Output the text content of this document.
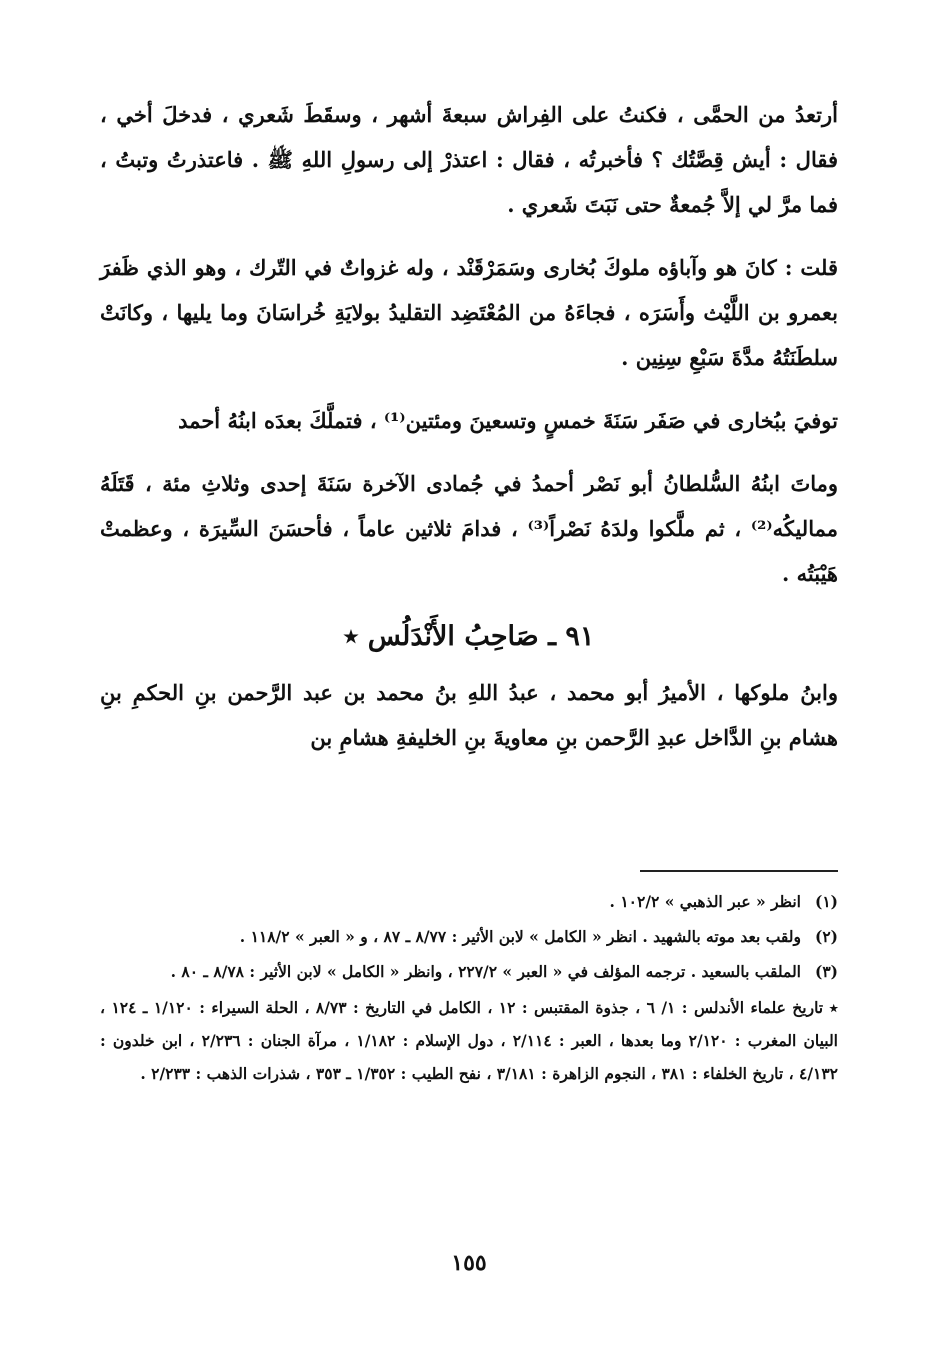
أرتعدُ من الحمَّى ، فكنتُ على الفِراش سبعةَ أشهر ، وسقَطَ شَعري ، فدخلَ أخي ، فقال : أيش قِصَّتُك ؟ فأخبرتُه ، فقال : اعتذرْ إلى رسولِ اللهِ ﷺ . فاعتذرتُ وتبتُ ، فما مرَّ لي إلاَّ جُمعةٌ حتى نَبَتَ شَعري .

قلت : كانَ هو وآباؤه ملوكَ بُخارى وسَمَرْقَنْد ، وله غزواتٌ في التّرك ، وهو الذي ظَفرَ بعمرو بن اللَّيْث وأَسَرَه ، فجاءَهُ من المُعْتَضِد التقليدُ بولايَةِ خُراسَانَ وما يليها ، وكانَتْ سلطَنَتُهُ مدَّةَ سَبْعِ سِنِين .

توفيَ ببُخارى في صَفَر سَنَةَ خمسٍ وتسعينَ ومئتين⁽¹⁾ ، فتملَّكَ بعدَه ابنُهُ أحمد

وماتَ ابنُهُ السُّلطانُ أبو نَصْر أحمدُ في جُمادى الآخرة سَنَةَ إحدى وثلاثِ مئة ، قَتَلَهُ مماليكُه⁽²⁾ ، ثم ملَّكوا ولدَهُ نَصْراً⁽³⁾ ، فدامَ ثلاثين عاماً ، فأحسَنَ السِّيرَة ، وعظمتْ هَيْبَتُه .

٩١ ـ صَاحِبُ الأَنْدَلُس ٭

وابنُ ملوكها ، الأميرُ أبو محمد ، عبدُ اللهِ بنُ محمد بن عبد الرَّحمن بنِ الحكمِ بنِ هشام بنِ الدَّاخل عبدِ الرَّحمن بنِ معاويةَ بنِ الخليفةِ هشامِ بن

(١)انظر « عبر الذهبي » ١٠٢/٢ .

(٢)ولقب بعد موته بالشهيد . انظر « الكامل » لابن الأثير : ٨/٧٧ ـ ٨٧ ، و « العبر » ١١٨/٢ .

(٣)الملقب بالسعيد . ترجمه المؤلف في « العبر » ٢٢٧/٢ ، وانظر « الكامل » لابن الأثير : ٨/٧٨ ـ ٨٠ .

٭ تاريخ علماء الأندلس : ١/ ٦ ، جذوة المقتبس : ١٢ ، الكامل في التاريخ : ٨/٧٣ ، الحلة السيراء : ١/١٢٠ ـ ١٢٤ ، البيان المغرب : ٢/١٢٠ وما بعدها ، العبر : ٢/١١٤ ، دول الإسلام : ١/١٨٢ ، مرآة الجنان : ٢/٢٣٦ ، ابن خلدون : ٤/١٣٢ ، تاريخ الخلفاء : ٣٨١ ، النجوم الزاهرة : ٣/١٨١ ، نفح الطيب : ١/٣٥٢ ـ ٣٥٣ ، شذرات الذهب : ٢/٢٣٣ .

١٥٥
